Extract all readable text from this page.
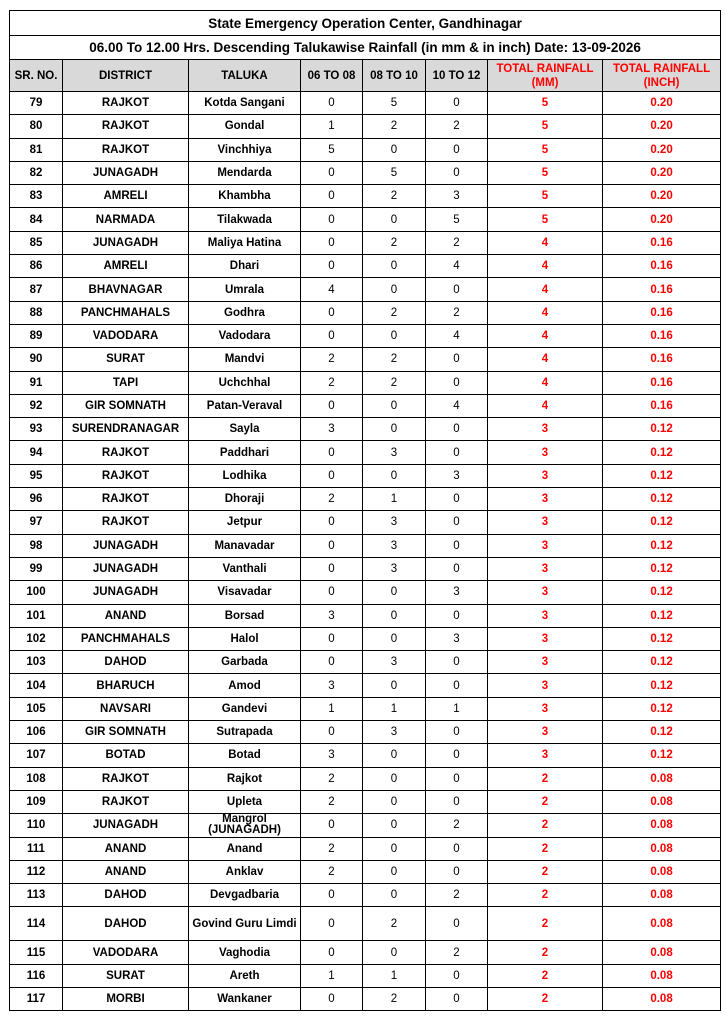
State Emergency Operation Center, Gandhinagar							
06.00 To 12.00 Hrs. Descending Talukawise Rainfall (in mm & in inch) Date: 13-09-2026							
SR. NO.	DISTRICT	TALUKA	06 TO 08	08 TO 10	10 TO 12	TOTAL RAINFALL (MM)	TOTAL RAINFALL (INCH)
79	RAJKOT	Kotda Sangani	0	5	0	5	0.20
80	RAJKOT	Gondal	1	2	2	5	0.20
81	RAJKOT	Vinchhiya	5	0	0	5	0.20
82	JUNAGADH	Mendarda	0	5	0	5	0.20
83	AMRELI	Khambha	0	2	3	5	0.20
84	NARMADA	Tilakwada	0	0	5	5	0.20
85	JUNAGADH	Maliya Hatina	0	2	2	4	0.16
86	AMRELI	Dhari	0	0	4	4	0.16
87	BHAVNAGAR	Umrala	4	0	0	4	0.16
88	PANCHMAHALS	Godhra	0	2	2	4	0.16
89	VADODARA	Vadodara	0	0	4	4	0.16
90	SURAT	Mandvi	2	2	0	4	0.16
91	TAPI	Uchchhal	2	2	0	4	0.16
92	GIR SOMNATH	Patan-Veraval	0	0	4	4	0.16
93	SURENDRANAGAR	Sayla	3	0	0	3	0.12
94	RAJKOT	Paddhari	0	3	0	3	0.12
95	RAJKOT	Lodhika	0	0	3	3	0.12
96	RAJKOT	Dhoraji	2	1	0	3	0.12
97	RAJKOT	Jetpur	0	3	0	3	0.12
98	JUNAGADH	Manavadar	0	3	0	3	0.12
99	JUNAGADH	Vanthali	0	3	0	3	0.12
100	JUNAGADH	Visavadar	0	0	3	3	0.12
101	ANAND	Borsad	3	0	0	3	0.12
102	PANCHMAHALS	Halol	0	0	3	3	0.12
103	DAHOD	Garbada	0	3	0	3	0.12
104	BHARUCH	Amod	3	0	0	3	0.12
105	NAVSARI	Gandevi	1	1	1	3	0.12
106	GIR SOMNATH	Sutrapada	0	3	0	3	0.12
107	BOTAD	Botad	3	0	0	3	0.12
108	RAJKOT	Rajkot	2	0	0	2	0.08
109	RAJKOT	Upleta	2	0	0	2	0.08
110	JUNAGADH	Mangrol (JUNAGADH)	0	0	2	2	0.08
111	ANAND	Anand	2	0	0	2	0.08
112	ANAND	Anklav	2	0	0	2	0.08
113	DAHOD	Devgadbaria	0	0	2	2	0.08
114	DAHOD	Govind Guru Limdi	0	2	0	2	0.08
115	VADODARA	Vaghodia	0	0	2	2	0.08
116	SURAT	Areth	1	1	0	2	0.08
117	MORBI	Wankaner	0	2	0	2	0.08
